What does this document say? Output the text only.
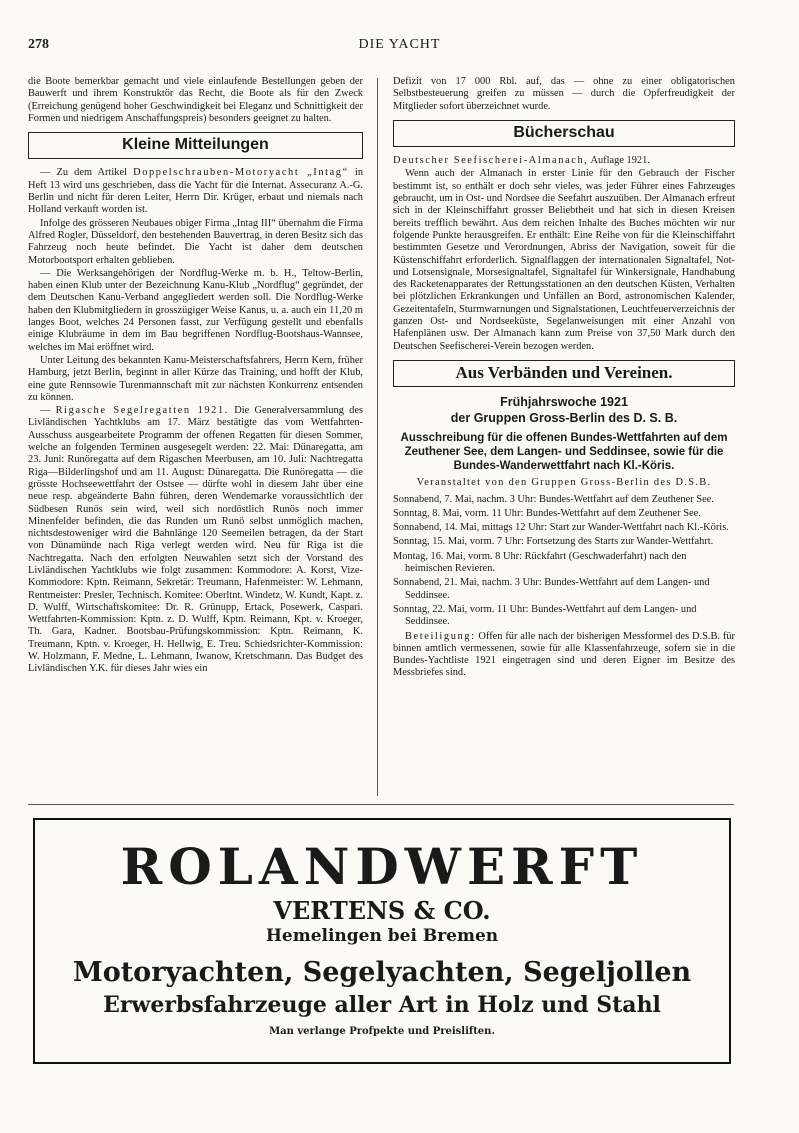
278	DIE YACHT

die Boote bemerkbar gemacht und viele einlaufende Bestellungen geben der Bauwerft und ihrem Konstruktör das Recht, die Boote als für den Zweck (Erreichung genügend hoher Geschwindigkeit bei Eleganz und Schnittigkeit der Formen und niedrigem Anschaffungspreis) besonders geeignet zu halten.

Kleine Mitteilungen

— Zu dem Artikel Doppelschrauben-Motoryacht „Intag“ in Heft 13 wird uns geschrieben, dass die Yacht für die Internat. Assecuranz A.-G. Berlin und nicht für deren Leiter, Herrn Dir. Krüger, erbaut und niemals nach Holland verkauft worden ist.

Infolge des grösseren Neubaues obiger Firma „Intag III“ übernahm die Firma Alfred Rogler, Düsseldorf, den bestehenden Bauvertrag, in deren Besitz sich das Fahrzeug noch heute befindet. Die Yacht ist daher dem deutschen Motorbootsport erhalten geblieben.

— Die Werksangehörigen der Nordflug-Werke m. b. H., Teltow-Berlin, haben einen Klub unter der Bezeichnung Kanu-Klub „Nordflug“ gegründet, der dem Deutschen Kanu-Verband angegliedert werden soll. Die Nordflug-Werke haben den Klubmitgliedern in grosszügiger Weise Kanus, u. a. auch ein 11,20 m langes Boot, welches 24 Personen fasst, zur Verfügung gestellt und ebenfalls einige Klubräume in dem im Bau begriffenen Nordflug-Bootshaus-Wannsee, welches im Mai eröffnet wird.

Unter Leitung des bekannten Kanu-Meisterschaftsfahrers, Herrn Kern, früher Hamburg, jetzt Berlin, beginnt in aller Kürze das Training, und hofft der Klub, eine gute Rennsowie Turenmannschaft mit zur nächsten Konkurrenz entsenden zu können.

— Rigasche Segelregatten 1921. Die Generalversammlung des Livländischen Yachtklubs am 17. März bestätigte das vom Wettfahrten-Ausschuss ausgearbeitete Programm der offenen Regatten für diesen Sommer, welche an folgenden Terminen ausgesegelt werden: 22. Mai: Dünaregatta, am 23. Juni: Runöregatta auf dem Rigaschen Meerbusen, am 10. Juli: Nachtregatta Riga—Bilderlingshof und am 11. August: Dünaregatta. Die Runöregatta — die grösste Hochseewettfahrt der Ostsee — dürfte wohl in diesem Jahr über eine neue resp. abgeänderte Bahn führen, deren Wendemarke voraussichtlich der Südbesen Runös sein wird, weil sich nordöstlich Runös noch immer Minenfelder befinden, die das Runden um Runö selbst unmöglich machen, nichtsdestoweniger wird die Bahnlänge 120 Seemeilen betragen, da der Start von Dünamünde nach Riga verlegt werden wird. Neu für Riga ist die Nachtregatta. Nach den erfolgten Neuwahlen setzt sich der Vorstand des Livländischen Yachtklubs wie folgt zusammen: Kommodore: A. Korst, Vize-Kommodore: Kptn. Reimann, Sekretär: Treumann, Hafenmeister: W. Lehmann, Rentmeister: Presler, Technisch. Komitee: Oberltnt. Windetz, W. Kundt, Kapt. z. D. Wulff, Wirtschaftskomitee: Dr. R. Grünupp, Ertack, Posewerk, Caspari. Wettfahrten-Kommission: Kptn. z. D. Wulff, Kptn. Reimann, Kpt. v. Kroeger, Th. Gara, Kadner. Bootsbau-Prüfungskommission: Kptn. Reimann, K. Treumann, Kptn. v. Kroeger, H. Hellwig, E. Treu. Schiedsrichter-Kommission: W. Holzmann, F. Medne, L. Lehmann, Iwanow, Kretschmann. Das Budget des Livländischen Y.K. für dieses Jahr wies ein

Defizit von 17 000 Rbl. auf, das — ohne zu einer obligatorischen Selbstbesteuerung greifen zu müssen — durch die Opferfreudigkeit der Mitglieder sofort überzeichnet wurde.

Bücherschau

Deutscher Seefischerei-Almanach, Auflage 1921.

Wenn auch der Almanach in erster Linie für den Gebrauch der Fischer bestimmt ist, so enthält er doch sehr vieles, was jeder Führer eines Fahrzeuges gebraucht, um in Ost- und Nordsee die Seefahrt auszuüben. Der Almanach erfreut sich in der Kleinschiffahrt grosser Beliebtheit und hat sich in diesen Kreisen bereits trefflich bewährt. Aus dem reichen Inhalte des Buches möchten wir nur folgende Punkte herausgreifen. Er enthält: Eine Reihe von für die Kleinschiffahrt bestimmten Gesetze und Verordnungen, Abriss der Navigation, soweit für die Küstenschiffahrt erforderlich. Signalflaggen der internationalen Signaltafel, Not- und Lotsensignale, Morsesignaltafel, Signaltafel für Winkersignale, Handhabung des Racketenapparates der Rettungsstationen an den deutschen Küsten, Verhalten bei plötzlichen Erkrankungen und Unfällen an Bord, astronomischen Kalender, Gezeitentafeln, Sturmwarnungen und Signalstationen, Leuchtfeuerverzeichnis der ganzen Ost- und Nordseeküste, Segelanweisungen mit einer Anzahl von Hafenplänen usw. Der Almanach kann zum Preise von 37,50 Mark durch den Deutschen Seefischerei-Verein bezogen werden.

Aus Verbänden und Vereinen.
Frühjahrswoche 1921
der Gruppen Gross-Berlin des D. S. B.
Ausschreibung für die offenen Bundes-Wettfahrten auf dem Zeuthener See, dem Langen- und Seddinsee, sowie für die Bundes-Wanderwettfahrt nach Kl.-Köris.
Veranstaltet von den Gruppen Gross-Berlin des D.S.B.
Sonnabend, 7. Mai, nachm. 3 Uhr: Bundes-Wettfahrt auf dem Zeuthener See.
Sonntag, 8. Mai, vorm. 11 Uhr: Bundes-Wettfahrt auf dem Zeuthener See.
Sonnabend, 14. Mai, mittags 12 Uhr: Start zur Wander-Wettfahrt nach Kl.-Köris.
Sonntag, 15. Mai, vorm. 7 Uhr: Fortsetzung des Starts zur Wander-Wettfahrt.
Montag, 16. Mai, vorm. 8 Uhr: Rückfahrt (Geschwaderfahrt) nach den heimischen Revieren.
Sonnabend, 21. Mai, nachm. 3 Uhr: Bundes-Wettfahrt auf dem Langen- und Seddinsee.
Sonntag, 22. Mai, vorm. 11 Uhr: Bundes-Wettfahrt auf dem Langen- und Seddinsee.

Beteiligung: Offen für alle nach der bisherigen Messformel des D.S.B. für binnen amtlich vermessenen, sowie für alle Klassenfahrzeuge, sofern sie in die Bundes-Yachtliste 1921 eingetragen sind und deren Eigner im Besitze des Messbriefes sind.

ROLANDWERFT
VERTENS & CO.
Hemelingen bei Bremen
Motoryachten, Segelyachten, Segeljollen
Erwerbsfahrzeuge aller Art in Holz und Stahl
Man verlange Profpekte und Preisliften.
